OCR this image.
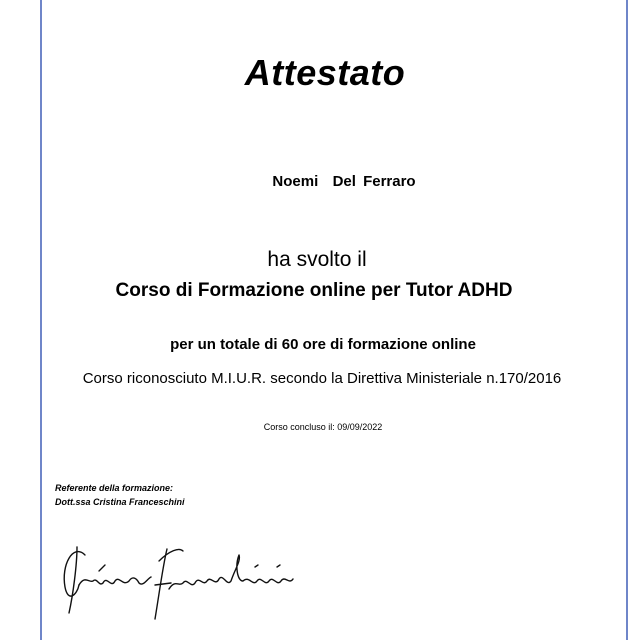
Attestato
Noemi  Del Ferraro
ha svolto il
Corso di Formazione online per Tutor ADHD
per un totale di 60 ore di formazione online
Corso riconosciuto M.I.U.R. secondo la Direttiva Ministeriale n.170/2016
Corso concluso il: 09/09/2022
Referente della formazione:
Dott.ssa Cristina Franceschini
